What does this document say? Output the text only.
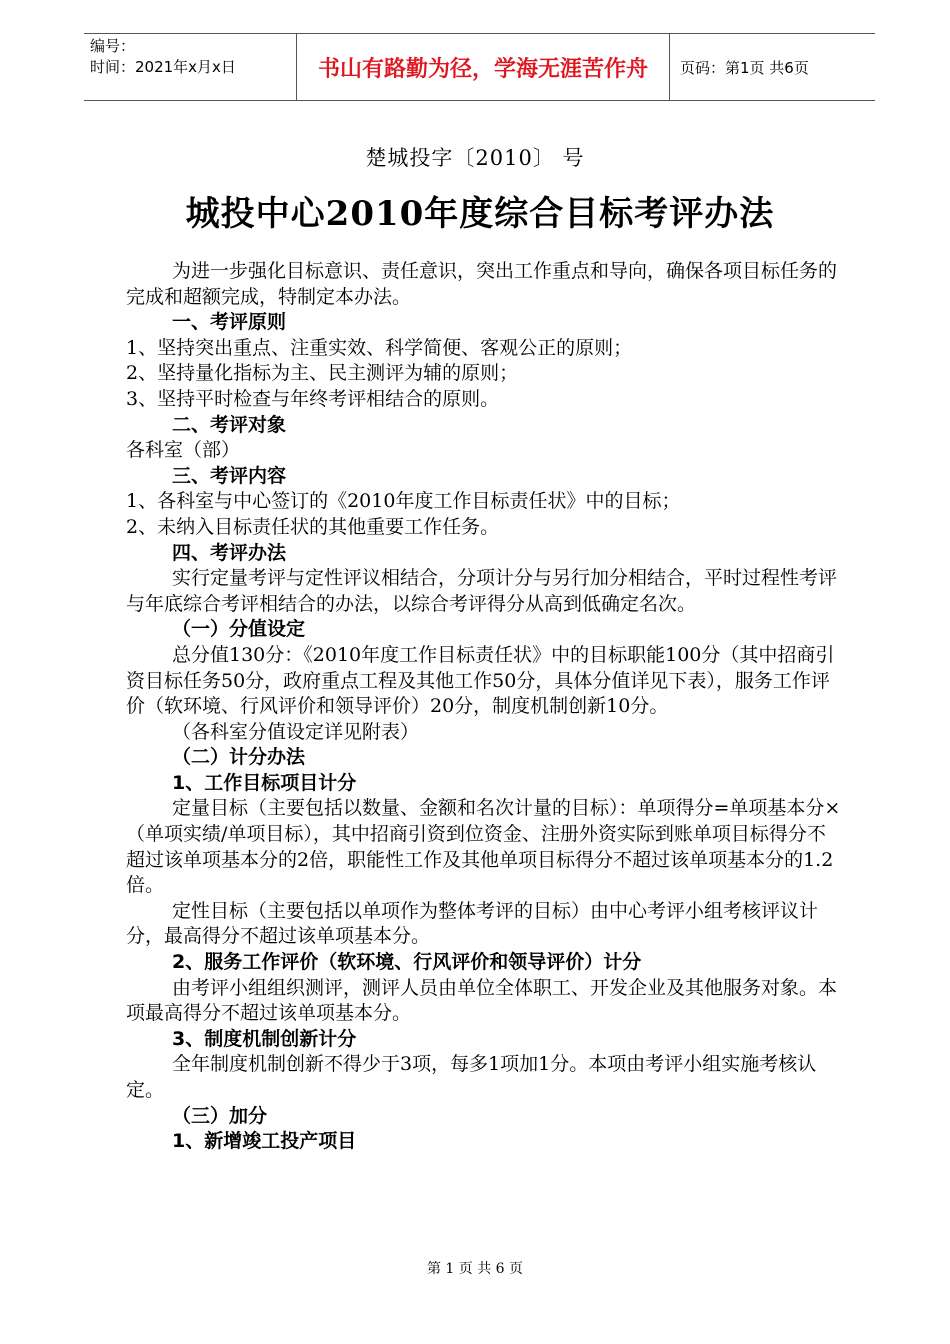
编号：
时间：2021年x月x日	书山有路勤为径，学海无涯苦作舟	页码：第1页 共6页
楚城投字〔2010〕 号
城投中心2010年度综合目标考评办法

为进一步强化目标意识、责任意识，突出工作重点和导向，确保各项目标任务的完成和超额完成，特制定本办法。

一、考评原则

1、坚持突出重点、注重实效、科学简便、客观公正的原则；

2、坚持量化指标为主、民主测评为辅的原则；

3、坚持平时检查与年终考评相结合的原则。

二、考评对象

各科室（部）

三、考评内容

1、各科室与中心签订的《2010年度工作目标责任状》中的目标；

2、未纳入目标责任状的其他重要工作任务。

四、考评办法

实行定量考评与定性评议相结合，分项计分与另行加分相结合，平时过程性考评与年底综合考评相结合的办法，以综合考评得分从高到低确定名次。

（一）分值设定

总分值130分：《2010年度工作目标责任状》中的目标职能100分（其中招商引资目标任务50分，政府重点工程及其他工作50分，具体分值详见下表），服务工作评价（软环境、行风评价和领导评价）20分，制度机制创新10分。

（各科室分值设定详见附表）

（二）计分办法

1、工作目标项目计分

定量目标（主要包括以数量、金额和名次计量的目标）：单项得分=单项基本分×（单项实绩/单项目标），其中招商引资到位资金、注册外资实际到账单项目标得分不超过该单项基本分的2倍，职能性工作及其他单项目标得分不超过该单项基本分的1.2倍。

定性目标（主要包括以单项作为整体考评的目标）由中心考评小组考核评议计分，最高得分不超过该单项基本分。

2、服务工作评价（软环境、行风评价和领导评价）计分

由考评小组组织测评，测评人员由单位全体职工、开发企业及其他服务对象。本项最高得分不超过该单项基本分。

3、制度机制创新计分

全年制度机制创新不得少于3项，每多1项加1分。本项由考评小组实施考核认定。

（三）加分

1、新增竣工投产项目

第 1 页 共 6 页
